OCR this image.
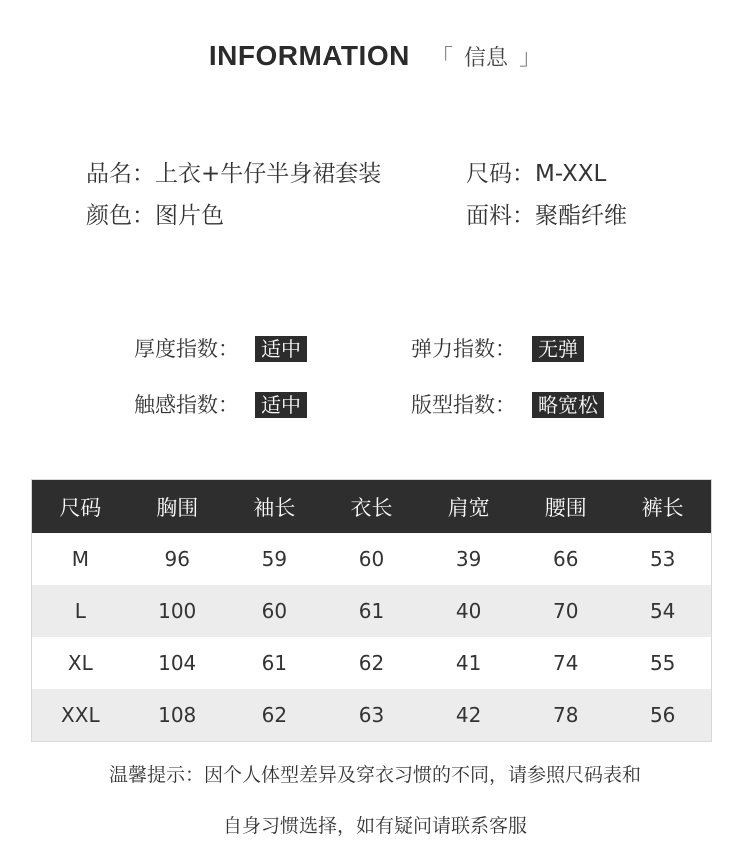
INFORMATION 「 信息 」
品名：上衣+牛仔半身裙套装	尺码：M-XXL
颜色：图片色	面料：聚酯纤维
厚度指数： 适中	弹力指数： 无弹
触感指数： 适中	版型指数： 略宽松
尺码	胸围	袖长	衣长	肩宽	腰围	裤长
M	96	59	60	39	66	53
L	100	60	61	40	70	54
XL	104	61	62	41	74	55
XXL	108	62	63	42	78	56
温馨提示：因个人体型差异及穿衣习惯的不同，请参照尺码表和
自身习惯选择，如有疑问请联系客服
